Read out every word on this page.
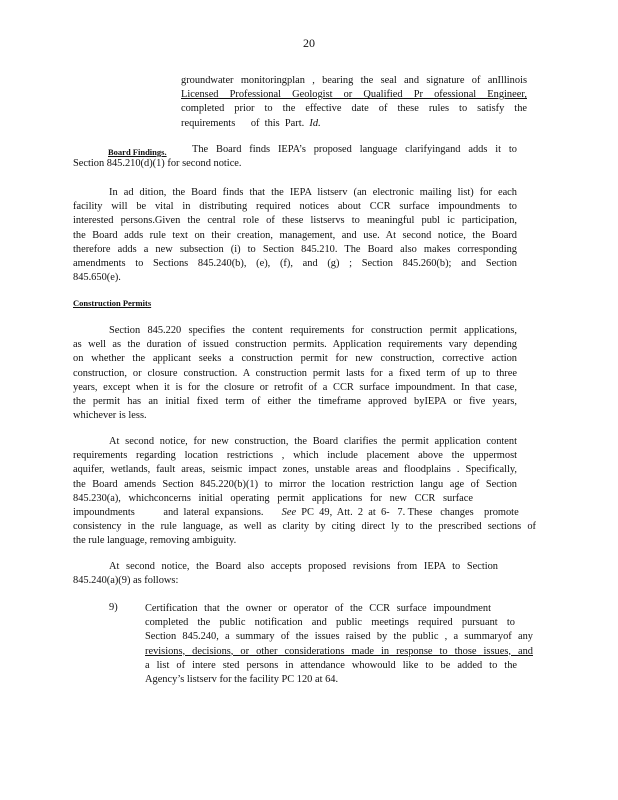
20
groundwater monitoringplan , bearing the seal and signature of anIllinois
Licensed Professional Geologist or Qualified Pr ofessional Engineer,
completed prior to the effective date of these rules to satisfy the
requirements      of  this  Part.  Id.
Board Findings. The Board finds IEPA’s proposed language clarifyingand adds it to
Section 845.210(d)(1) for second notice.
In ad dition, the Board finds that the IEPA listserv (an electronic mailing list) for each
facility will be vital in distributing required notices about CCR surface impoundments to
interested persons.Given the central role of these listservs to meaningful publ ic participation,
the Board adds rule text on their creation, management, and use. At second notice, the Board
therefore adds a new subsection (i) to Section 845.210. The Board also makes corresponding
amendments to Sections 845.240(b), (e), (f), and (g) ; Section 845.260(b); and Section
845.650(e).
Construction Permits
Section 845.220 specifies the content requirements for construction permit applications,
as well as the duration of issued construction permits. Application requirements vary depending
on whether the applicant seeks a construction permit for new construction, corrective action
construction, or closure construction. A construction permit lasts for a fixed term of up to three
years, except when it is for the closure or retrofit of a CCR surface impoundment. In that case,
the permit has an initial fixed term of either the timeframe approved byIEPA or five years,
whichever is less.
At second notice, for new construction, the Board clarifies the permit application content
requirements regarding location restrictions , which include placement above the uppermost
aquifer, wetlands, fault areas, seismic impact zones, unstable areas and floodplains . Specifically,
the Board amends Section 845.220(b)(1) to mirror the location restriction langu age of Section
845.230(a), whichconcerns initial operating permit applications for new CCR surface
impoundments           and  lateral  expansions.       See  PC  49,  Att.  2  at  6-   7. These   changes    promote
consistency in the rule language, as well as clarity by citing direct ly to the prescribed sections of
the rule language, removing ambiguity.
At second notice, the Board also accepts proposed revisions from IEPA to Section
845.240(a)(9) as follows:
9)	Certification that the owner or operator of the CCR surface impoundment
completed the public notification and public meetings required pursuant to
Section 845.240, a summary of the issues raised by the public , a summaryof any
revisions, decisions, or other considerations made in response to those issues, and
a list of intere sted persons in attendance whowould like to be added to the
Agency’s listserv for the facility PC 120 at 64.
